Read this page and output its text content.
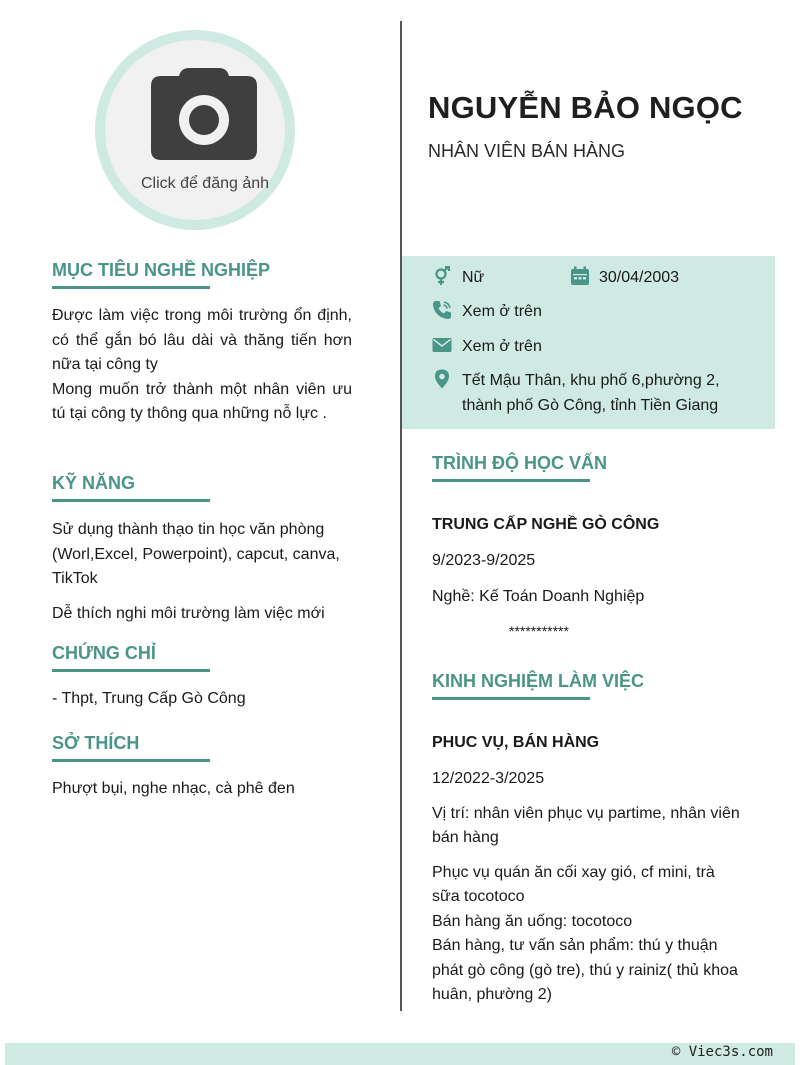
Click để đăng ảnh
MỤC TIÊU NGHỀ NGHIỆP

Được làm việc trong môi trường ổn định, có thể gắn bó lâu dài và thăng tiến hơn nữa tại công ty

Mong muốn trở thành một nhân viên ưu tú tại công ty thông qua những nỗ lực .

KỸ NĂNG

Sử dụng thành thạo tin học văn phòng (Worl,Excel, Powerpoint), capcut, canva, TikTok

Dễ thích nghi môi trường làm việc mới

CHỨNG CHỈ

- Thpt, Trung Cấp Gò Công

SỞ THÍCH

Phượt bụi, nghe nhạc, cà phê đen

NGUYỄN BẢO NGỌC
NHÂN VIÊN BÁN HÀNG
Nữ	30/04/2003
Xem ở trên
Xem ở trên
Tết Mậu Thân, khu phố 6,phường 2,
thành phố Gò Công, tỉnh Tiền Giang
TRÌNH ĐỘ HỌC VẤN
TRUNG CẤP NGHỀ GÒ CÔNG
9/2023-9/2025
Nghề: Kế Toán Doanh Nghiệp
***********
KINH NGHIỆM LÀM VIỆC
PHUC VỤ, BÁN HÀNG
12/2022-3/2025
Vị trí: nhân viên phục vụ partime, nhân viên bán hàng
Phục vụ quán ăn cối xay gió, cf mini, trà sữa tocotoco
Bán hàng ăn uống: tocotoco
Bán hàng, tư vấn sản phẩm: thú y thuận phát gò công (gò tre), thú y rainiz( thủ khoa huân, phường 2)
© Viec3s.com
